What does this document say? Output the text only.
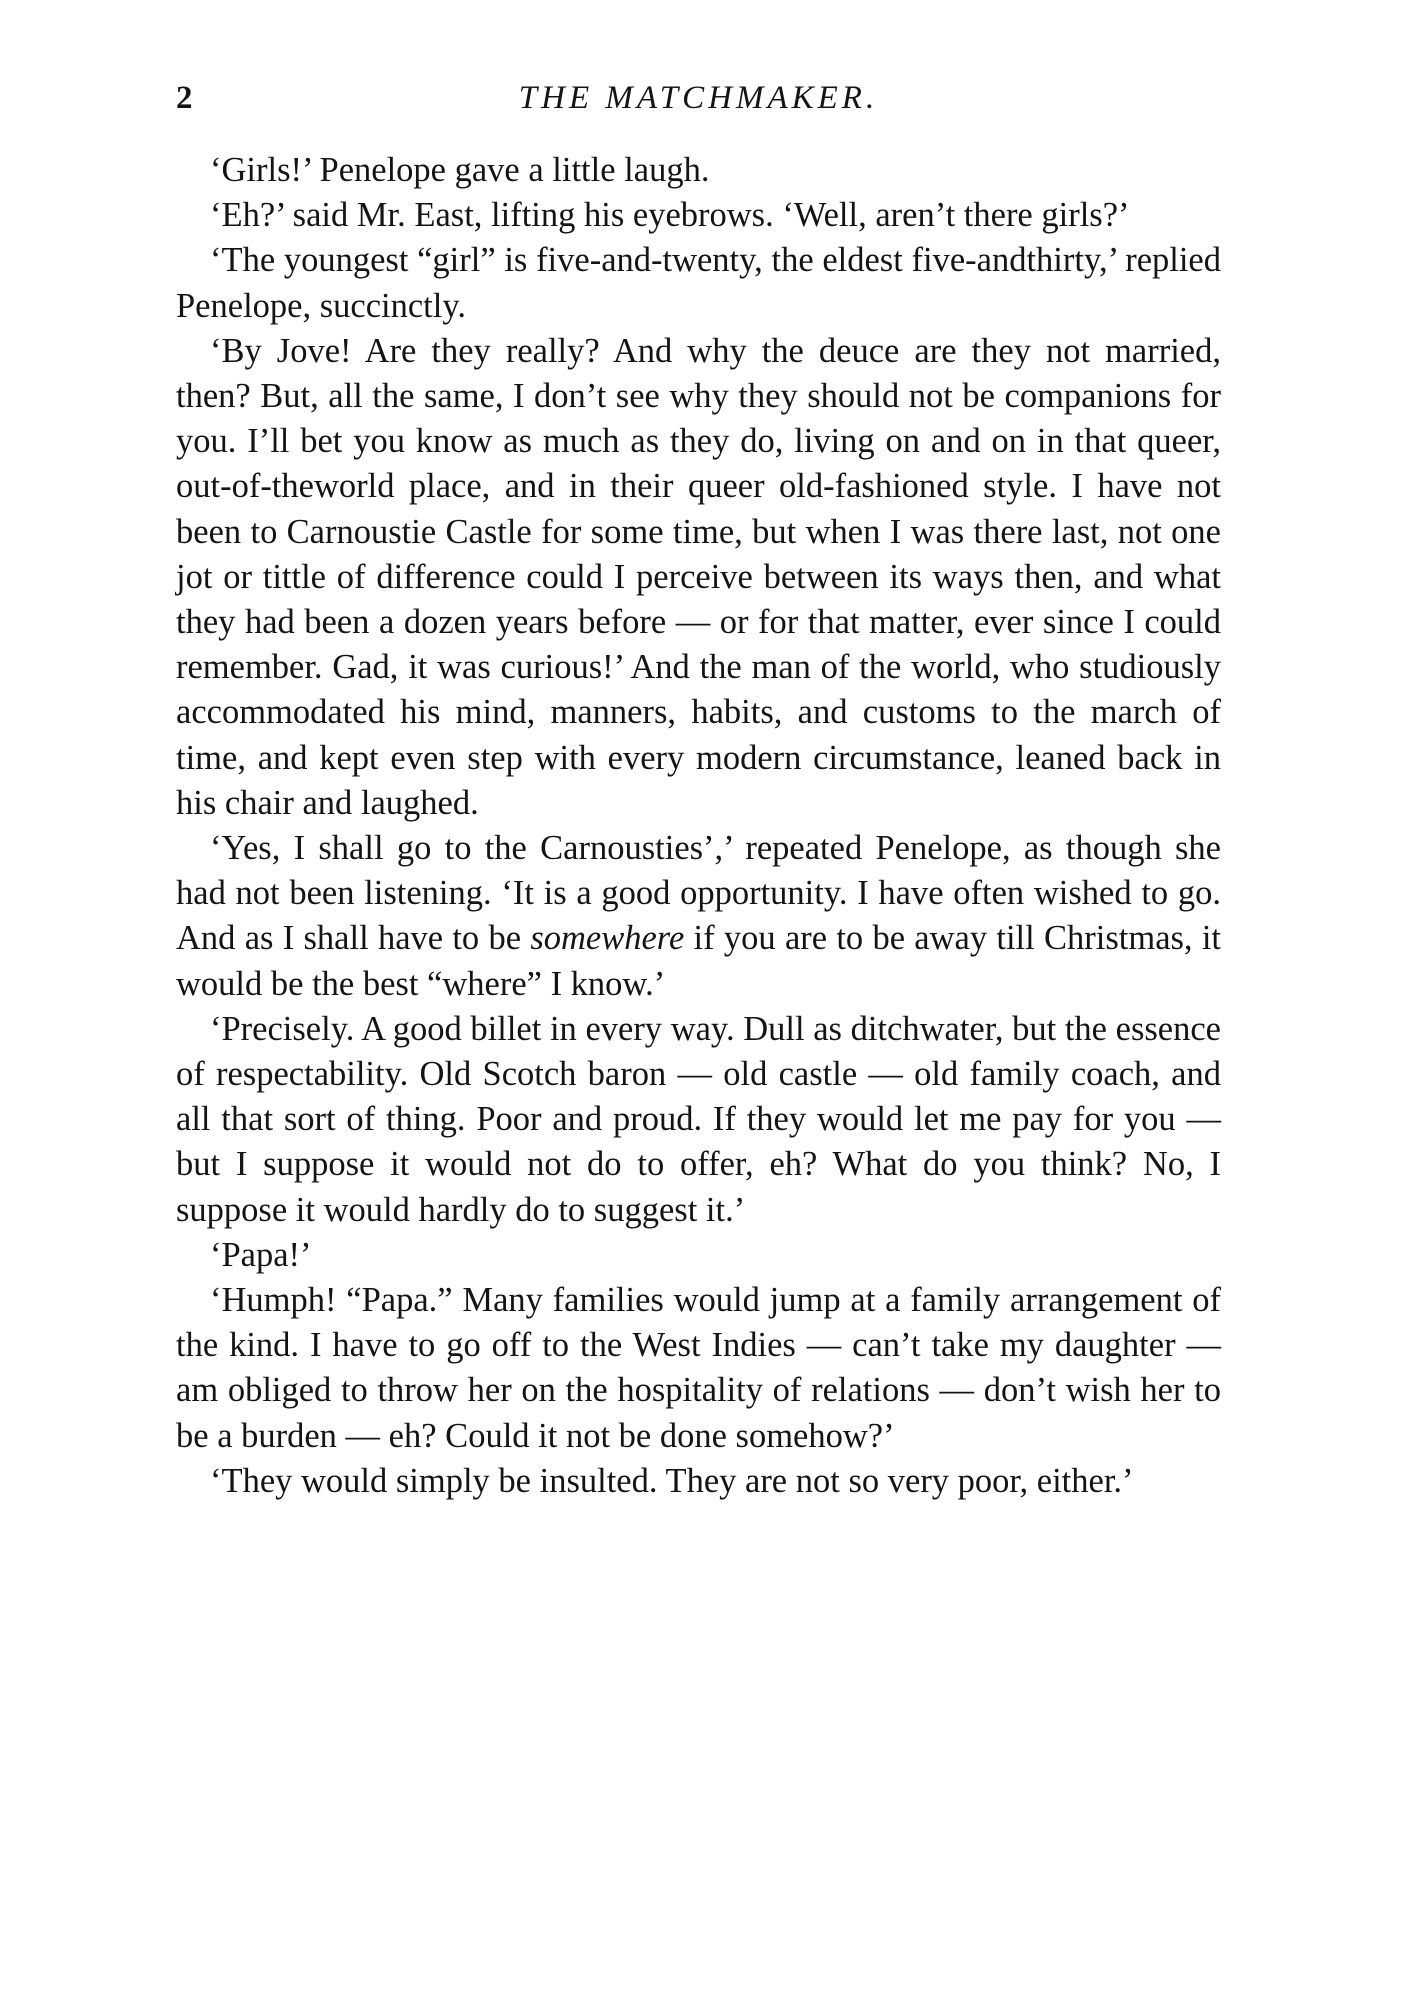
2	THE MATCHMAKER.

‘Girls!’ Penelope gave a little laugh.

‘Eh?’ said Mr. East, lifting his eyebrows. ‘Well, aren’t there girls?’

‘The youngest “girl” is five-and-twenty, the eldest five-andthirty,’ replied Penelope, succinctly.

‘By Jove! Are they really? And why the deuce are they not married, then? But, all the same, I don’t see why they should not be companions for you. I’ll bet you know as much as they do, living on and on in that queer, out-of-theworld place, and in their queer old-fashioned style. I have not been to Carnoustie Castle for some time, but when I was there last, not one jot or tittle of difference could I perceive between its ways then, and what they had been a dozen years before — or for that matter, ever since I could remember. Gad, it was curious!’ And the man of the world, who studiously accommodated his mind, manners, habits, and customs to the march of time, and kept even step with every modern circumstance, leaned back in his chair and laughed.

‘Yes, I shall go to the Carnousties’,’ repeated Penelope, as though she had not been listening. ‘It is a good opportunity. I have often wished to go. And as I shall have to be somewhere if you are to be away till Christmas, it would be the best “where” I know.’

‘Precisely. A good billet in every way. Dull as ditchwater, but the essence of respectability. Old Scotch baron — old castle — old family coach, and all that sort of thing. Poor and proud. If they would let me pay for you — but I suppose it would not do to offer, eh? What do you think? No, I suppose it would hardly do to suggest it.’

‘Papa!’

‘Humph! “Papa.” Many families would jump at a family arrangement of the kind. I have to go off to the West Indies — can’t take my daughter — am obliged to throw her on the hospitality of relations — don’t wish her to be a burden — eh? Could it not be done somehow?’

‘They would simply be insulted. They are not so very poor, either.’
